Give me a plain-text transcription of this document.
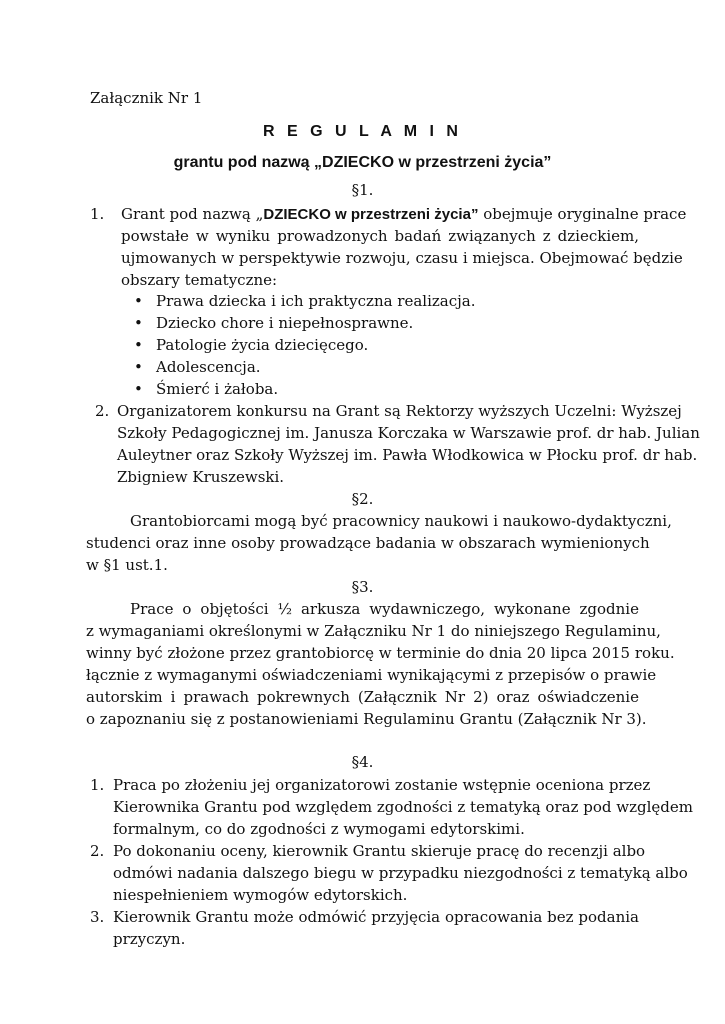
Załącznik Nr 1
R E G U L A M I N
grantu pod nazwą „DZIECKO w przestrzeni życia”
§1.
1. Grant pod nazwą „DZIECKO w przestrzeni życia” obejmuje oryginalne prace
powstałe w wyniku prowadzonych badań związanych z dzieckiem,
ujmowanych w perspektywie rozwoju, czasu i miejsca. Obejmować będzie
obszary tematyczne:
• Prawa dziecka i ich praktyczna realizacja.
• Dziecko chore i niepełnosprawne.
• Patologie życia dziecięcego.
• Adolescencja.
• Śmierć i żałoba.
2. Organizatorem konkursu na Grant są Rektorzy wyższych Uczelni: Wyższej
Szkoły Pedagogicznej im. Janusza Korczaka w Warszawie prof. dr hab. Julian
Auleytner oraz Szkoły Wyższej im. Pawła Włodkowica w Płocku prof. dr hab.
Zbigniew Kruszewski.
§2.
Grantobiorcami mogą być pracownicy naukowi i naukowo-dydaktyczni,
studenci oraz inne osoby prowadzące badania w obszarach wymienionych
w §1 ust.1.
§3.
Prace o objętości ½ arkusza wydawniczego, wykonane zgodnie
z wymaganiami określonymi w Załączniku Nr 1 do niniejszego Regulaminu,
winny być złożone przez grantobiorcę w terminie do dnia 20 lipca 2015 roku.
łącznie z wymaganymi oświadczeniami wynikającymi z przepisów o prawie
autorskim i prawach pokrewnych (Załącznik Nr 2) oraz oświadczenie
o zapoznaniu się z postanowieniami Regulaminu Grantu (Załącznik Nr 3).
§4.
1. Praca po złożeniu jej organizatorowi zostanie wstępnie oceniona przez
Kierownika Grantu pod względem zgodności z tematyką oraz pod względem
formalnym, co do zgodności z wymogami edytorskimi.
2. Po dokonaniu oceny, kierownik Grantu skieruje pracę do recenzji albo
odmówi nadania dalszego biegu w przypadku niezgodności z tematyką albo
niespełnieniem wymogów edytorskich.
3. Kierownik Grantu może odmówić przyjęcia opracowania bez podania
przyczyn.
